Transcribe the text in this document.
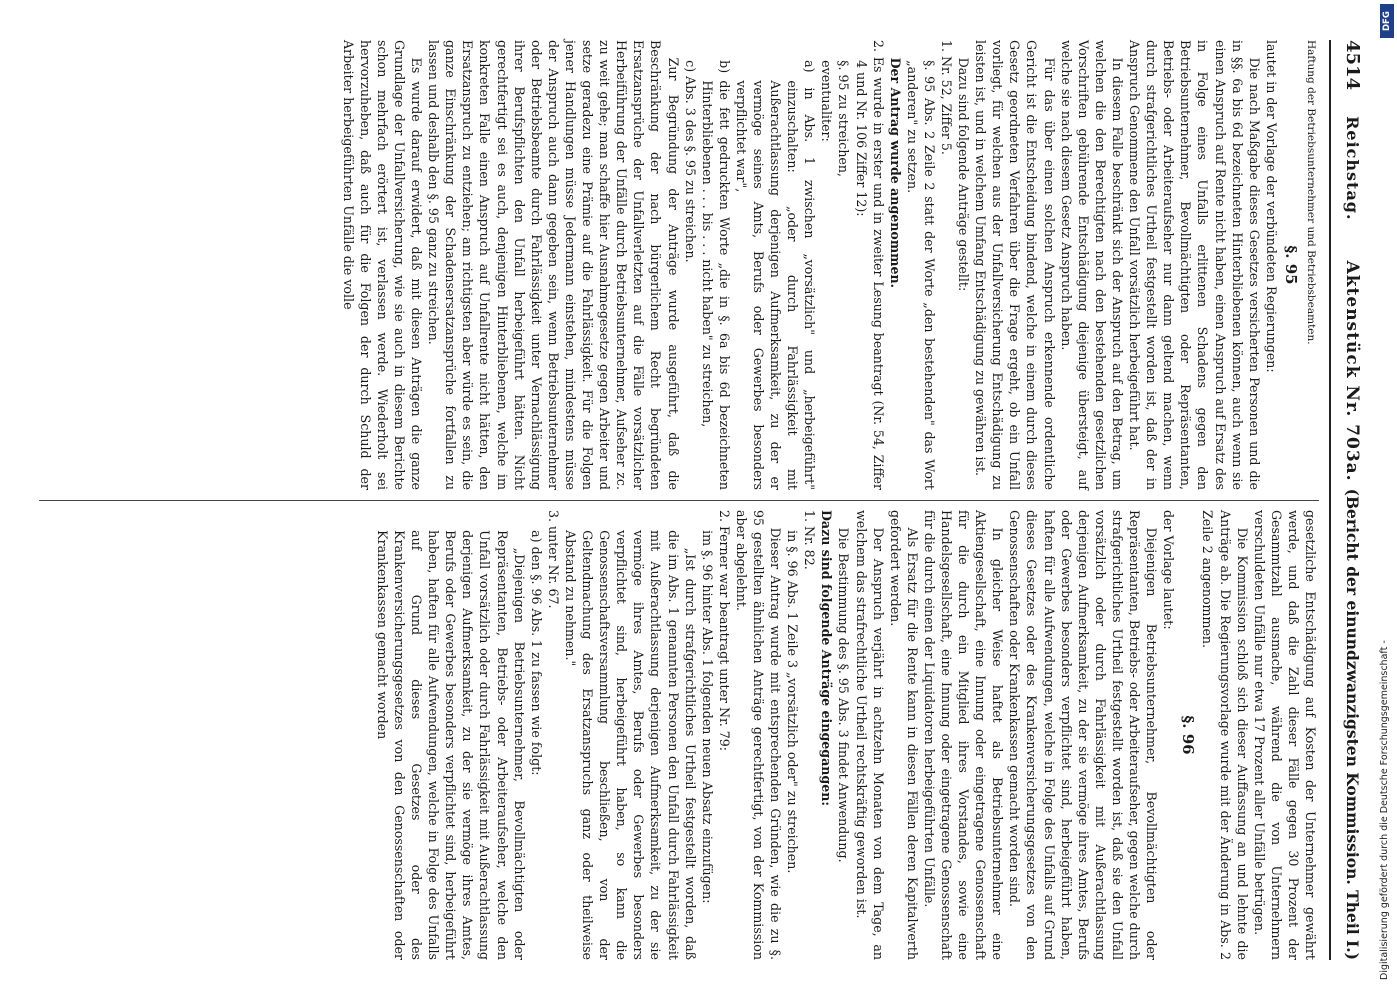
4514
Reichstag.
Aktenstück Nr. 703a.
(Bericht der einundzwanzigsten Kommission. Theil I.)

Haftung der Betriebsunternehmer und Betriebsbeamten.

§. 95

lautet in der Vorlage der verbündeten Regierungen:

Die nach Maßgabe dieses Gesetzes versicherten Personen und die in §§. 6a bis 6d bezeichneten Hinterbliebenen können, auch wenn sie einen Anspruch auf Rente nicht haben, einen Anspruch auf Ersatz des in Folge eines Unfalls erlittenen Schadens gegen den Betriebsunternehmer, Bevollmächtigten oder Repräsentanten, Betriebs- oder Arbeiteraufseher nur dann geltend machen, wenn durch strafgerichtliches Urtheil festgestellt worden ist, daß der in Anspruch Genommene den Unfall vorsätzlich herbeigeführt hat.

In diesem Falle beschränkt sich der Anspruch auf den Betrag, um welchen die den Berechtigten nach den bestehenden gesetzlichen Vorschriften gebührende Entschädigung diejenige übersteigt, auf welche sie nach diesem Gesetz Anspruch haben.

Für das über einen solchen Anspruch erkennende ordentliche Gericht ist die Entscheidung bindend, welche in einem durch dieses Gesetz geordneten Verfahren über die Frage ergeht, ob ein Unfall vorliegt, für welchen aus der Unfallversicherung Entschädigung zu leisten ist, und in welchem Umfang Entschädigung zu gewähren ist.

Dazu sind folgende Anträge gestellt:

1. Nr. 52, Ziffer 5.

§. 95 Abs. 2 Zeile 2 statt der Worte „den bestehenden" das Wort „anderen" zu setzen.

Der Antrag wurde angenommen.

2. Es wurde in erster und in zweiter Lesung beantragt (Nr. 54, Ziffer 4 und Nr. 106 Ziffer 12):

§. 95 zu streichen,

eventualiter:

a) in Abs. 1 zwischen „vorsätzlich" und „herbeigeführt" einzuschalten: „oder durch Fahrlässigkeit mit Außerachtlassung derjenigen Aufmerksamkeit, zu der er vermöge seines Amts, Berufs oder Gewerbes besonders verpflichtet war",

b) die fett gedruckten Worte „die in §. 6a bis 6d bezeichneten Hinterbliebenen . . . bis . . . nicht haben" zu streichen,

c) Abs. 3 des §. 95 zu streichen.

Zur Begründung der Anträge wurde ausgeführt, daß die Beschränkung der nach bürgerlichem Recht begründeten Ersatzansprüche der Unfallverletzten auf die Fälle vorsätzlicher Herbeiführung der Unfälle durch Betriebsunternehmer, Aufseher zc. zu weit gehe; man schaffe hier Ausnahmegesetze gegen Arbeiter und setze geradezu eine Prämie auf die Fahrlässigkeit. Für die Folgen jener Handlungen müsse Jedermann einstehen, mindestens müsse der Anspruch auch dann gegeben sein, wenn Betriebsunternehmer oder Betriebsbeamte durch Fahrlässigkeit unter Vernachlässigung ihrer Berufspflichten den Unfall herbeigeführt hätten. Nicht gerechtfertigt sei es auch, denjenigen Hinterbliebenen, welche im konkreten Falle einen Anspruch auf Unfallrente nicht hätten, den Ersatzanspruch zu entziehen; am richtigsten aber würde es sein, die ganze Einschränkung der Schadensersatzansprüche fortfallen zu lassen und deshalb den §. 95 ganz zu streichen.

Es wurde darauf erwidert, daß mit diesen Anträgen die ganze Grundlage der Unfallversicherung, wie sie auch in diesem Berichte schon mehrfach erörtert ist, verlassen werde. Wiederholt sei hervorzuheben, daß auch für die Folgen der durch Schuld der Arbeiter herbeigeführten Unfälle die volle

gesetzliche Entschädigung auf Kosten der Unternehmer gewährt werde, und daß die Zahl dieser Fälle gegen 30 Prozent der Gesammtzahl ausmache, während die von Unternehmern verschuldeten Unfälle nur etwa 17 Prozent aller Unfälle betrügen.

Die Kommission schloß sich dieser Auffassung an und lehnte die Anträge ab. Die Regierungsvorlage wurde mit der Änderung in Abs. 2 Zeile 2 angenommen.

§. 96

der Vorlage lautet:

Diejenigen Betriebsunternehmer, Bevollmächtigten oder Repräsentanten, Betriebs- oder Arbeiteraufseher, gegen welche durch strafgerichtliches Urtheil festgestellt worden ist, daß sie den Unfall vorsätzlich oder durch Fahrlässigkeit mit Außerachtlassung derjenigen Aufmerksamkeit, zu der sie vermöge ihres Amtes, Berufs oder Gewerbes besonders verpflichtet sind, herbeigeführt haben, haften für alle Aufwendungen, welche in Folge des Unfalls auf Grund dieses Gesetzes oder des Krankenversicherungsgesetzes von den Genossenschaften oder Krankenkassen gemacht worden sind.

In gleicher Weise haftet als Betriebsunternehmer eine Aktiengesellschaft, eine Innung oder eingetragene Genossenschaft für die durch ein Mitglied ihres Vorstandes, sowie eine Handelsgesellschaft, eine Innung oder eingetragene Genossenschaft für die durch einen der Liquidatoren herbeigeführten Unfälle.

Als Ersatz für die Rente kann in diesen Fällen deren Kapitalwerth gefordert werden.

Der Anspruch verjährt in achtzehn Monaten von dem Tage, an welchem das strafrechtliche Urtheil rechtskräftig geworden ist.

Die Bestimmung des §. 95 Abs. 3 findet Anwendung.

Dazu sind folgende Anträge eingegangen:

1. Nr. 82.

in §. 96 Abs. 1 Zeile 3 „vorsätzlich oder" zu streichen.

Dieser Antrag wurde mit entsprechenden Gründen, wie die zu §. 95 gestellten ähnlichen Anträge gerechtfertigt, von der Kommission aber abgelehnt.

2. Ferner war beantragt unter Nr. 79:

im §. 96 hinter Abs. 1 folgenden neuen Absatz einzufügen:

„Ist durch strafgerichtliches Urtheil festgestellt worden, daß die im Abs. 1 genannten Personen den Unfall durch Fahrlässigkeit mit Außerachtlassung derjenigen Aufmerksamkeit, zu der sie vermöge ihres Amtes, Berufs oder Gewerbes besonders verpflichtet sind, herbeigeführt haben, so kann die Genossenschaftsversammlung beschließen, von der Geltendmachung des Ersatzanspruchs ganz oder theilweise Abstand zu nehmen."

3. unter Nr. 67.

a) den §. 96 Abs. 1 zu fassen wie folgt:

„Diejenigen Betriebsunternehmer, Bevollmächtigten oder Repräsentanten, Betriebs- oder Arbeiteraufseher, welche den Unfall vorsätzlich oder durch Fahrlässigkeit mit Außerachtlassung derjenigen Aufmerksamkeit, zu der sie vermöge ihres Amtes, Berufs oder Gewerbes besonders verpflichtet sind, herbeigeführt haben, haften für alle Aufwendungen, welche in Folge des Unfalls auf Grund dieses Gesetzes oder des Krankenversicherungsgesetzes von den Genossenschaften oder Krankenkassen gemacht worden

DFG
Digitalisierung gefördert durch die Deutsche Forschungsgemeinschaft -
